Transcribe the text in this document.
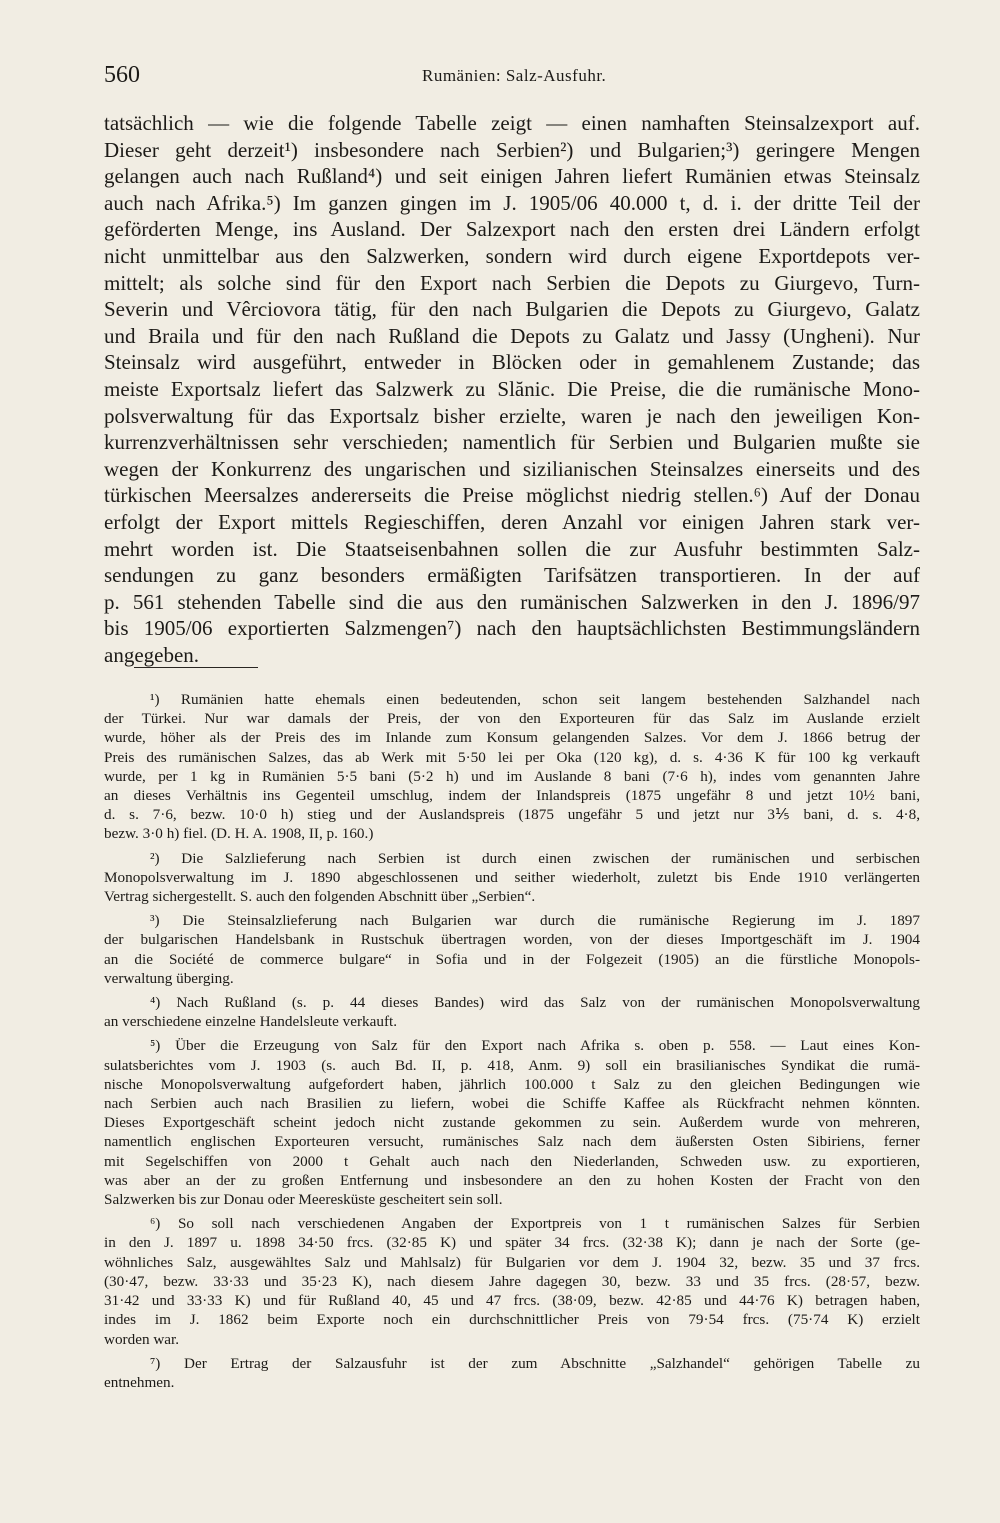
560	Rumänien: Salz-Ausfuhr.
tatsächlich — wie die folgende Tabelle zeigt — einen namhaften Steinsalzexport auf.
Dieser geht derzeit¹) insbesondere nach Serbien²) und Bulgarien;³) geringere Mengen
gelangen auch nach Rußland⁴) und seit einigen Jahren liefert Rumänien etwas Steinsalz
auch nach Afrika.⁵) Im ganzen gingen im J. 1905/06 40.000 t, d. i. der dritte Teil der
geförderten Menge, ins Ausland. Der Salzexport nach den ersten drei Ländern erfolgt
nicht unmittelbar aus den Salzwerken, sondern wird durch eigene Exportdepots ver-
mittelt; als solche sind für den Export nach Serbien die Depots zu Giurgevo, Turn-
Severin und Vêrciovora tätig, für den nach Bulgarien die Depots zu Giurgevo, Galatz
und Braila und für den nach Rußland die Depots zu Galatz und Jassy (Ungheni). Nur
Steinsalz wird ausgeführt, entweder in Blöcken oder in gemahlenem Zustande; das
meiste Exportsalz liefert das Salzwerk zu Slănic. Die Preise, die die rumänische Mono-
polsverwaltung für das Exportsalz bisher erzielte, waren je nach den jeweiligen Kon-
kurrenzverhältnissen sehr verschieden; namentlich für Serbien und Bulgarien mußte sie
wegen der Konkurrenz des ungarischen und sizilianischen Steinsalzes einerseits und des
türkischen Meersalzes andererseits die Preise möglichst niedrig stellen.⁶) Auf der Donau
erfolgt der Export mittels Regieschiffen, deren Anzahl vor einigen Jahren stark ver-
mehrt worden ist. Die Staatseisenbahnen sollen die zur Ausfuhr bestimmten Salz-
sendungen zu ganz besonders ermäßigten Tarifsätzen transportieren. In der auf
p. 561 stehenden Tabelle sind die aus den rumänischen Salzwerken in den J. 1896/97
bis 1905/06 exportierten Salzmengen⁷) nach den hauptsächlichsten Bestimmungsländern
angegeben.
¹) Rumänien hatte ehemals einen bedeutenden, schon seit langem bestehenden Salzhandel nach
der Türkei. Nur war damals der Preis, der von den Exporteuren für das Salz im Auslande erzielt
wurde, höher als der Preis des im Inlande zum Konsum gelangenden Salzes. Vor dem J. 1866 betrug der
Preis des rumänischen Salzes, das ab Werk mit 5·50 lei per Oka (120 kg), d. s. 4·36 K für 100 kg verkauft
wurde, per 1 kg in Rumänien 5·5 bani (5·2 h) und im Auslande 8 bani (7·6 h), indes vom genannten Jahre
an dieses Verhältnis ins Gegenteil umschlug, indem der Inlandspreis (1875 ungefähr 8 und jetzt 10½ bani,
d. s. 7·6, bezw. 10·0 h) stieg und der Auslandspreis (1875 ungefähr 5 und jetzt nur 3⅕ bani, d. s. 4·8,
bezw. 3·0 h) fiel. (D. H. A. 1908, II, p. 160.)
²) Die Salzlieferung nach Serbien ist durch einen zwischen der rumänischen und serbischen
Monopolsverwaltung im J. 1890 abgeschlossenen und seither wiederholt, zuletzt bis Ende 1910 verlängerten
Vertrag sichergestellt. S. auch den folgenden Abschnitt über „Serbien“.
³) Die Steinsalzlieferung nach Bulgarien war durch die rumänische Regierung im J. 1897
der bulgarischen Handelsbank in Rustschuk übertragen worden, von der dieses Importgeschäft im J. 1904
an die Société de commerce bulgare“ in Sofia und in der Folgezeit (1905) an die fürstliche Monopols-
verwaltung überging.
⁴) Nach Rußland (s. p. 44 dieses Bandes) wird das Salz von der rumänischen Monopolsverwaltung
an verschiedene einzelne Handelsleute verkauft.
⁵) Über die Erzeugung von Salz für den Export nach Afrika s. oben p. 558. — Laut eines Kon-
sulatsberichtes vom J. 1903 (s. auch Bd. II, p. 418, Anm. 9) soll ein brasilianisches Syndikat die rumä-
nische Monopolsverwaltung aufgefordert haben, jährlich 100.000 t Salz zu den gleichen Bedingungen wie
nach Serbien auch nach Brasilien zu liefern, wobei die Schiffe Kaffee als Rückfracht nehmen könnten.
Dieses Exportgeschäft scheint jedoch nicht zustande gekommen zu sein. Außerdem wurde von mehreren,
namentlich englischen Exporteuren versucht, rumänisches Salz nach dem äußersten Osten Sibiriens, ferner
mit Segelschiffen von 2000 t Gehalt auch nach den Niederlanden, Schweden usw. zu exportieren,
was aber an der zu großen Entfernung und insbesondere an den zu hohen Kosten der Fracht von den
Salzwerken bis zur Donau oder Meeresküste gescheitert sein soll.
⁶) So soll nach verschiedenen Angaben der Exportpreis von 1 t rumänischen Salzes für Serbien
in den J. 1897 u. 1898 34·50 frcs. (32·85 K) und später 34 frcs. (32·38 K); dann je nach der Sorte (ge-
wöhnliches Salz, ausgewähltes Salz und Mahlsalz) für Bulgarien vor dem J. 1904 32, bezw. 35 und 37 frcs.
(30·47, bezw. 33·33 und 35·23 K), nach diesem Jahre dagegen 30, bezw. 33 und 35 frcs. (28·57, bezw.
31·42 und 33·33 K) und für Rußland 40, 45 und 47 frcs. (38·09, bezw. 42·85 und 44·76 K) betragen haben,
indes im J. 1862 beim Exporte noch ein durchschnittlicher Preis von 79·54 frcs. (75·74 K) erzielt
worden war.
⁷) Der Ertrag der Salzausfuhr ist der zum Abschnitte „Salzhandel“ gehörigen Tabelle zu
entnehmen.
